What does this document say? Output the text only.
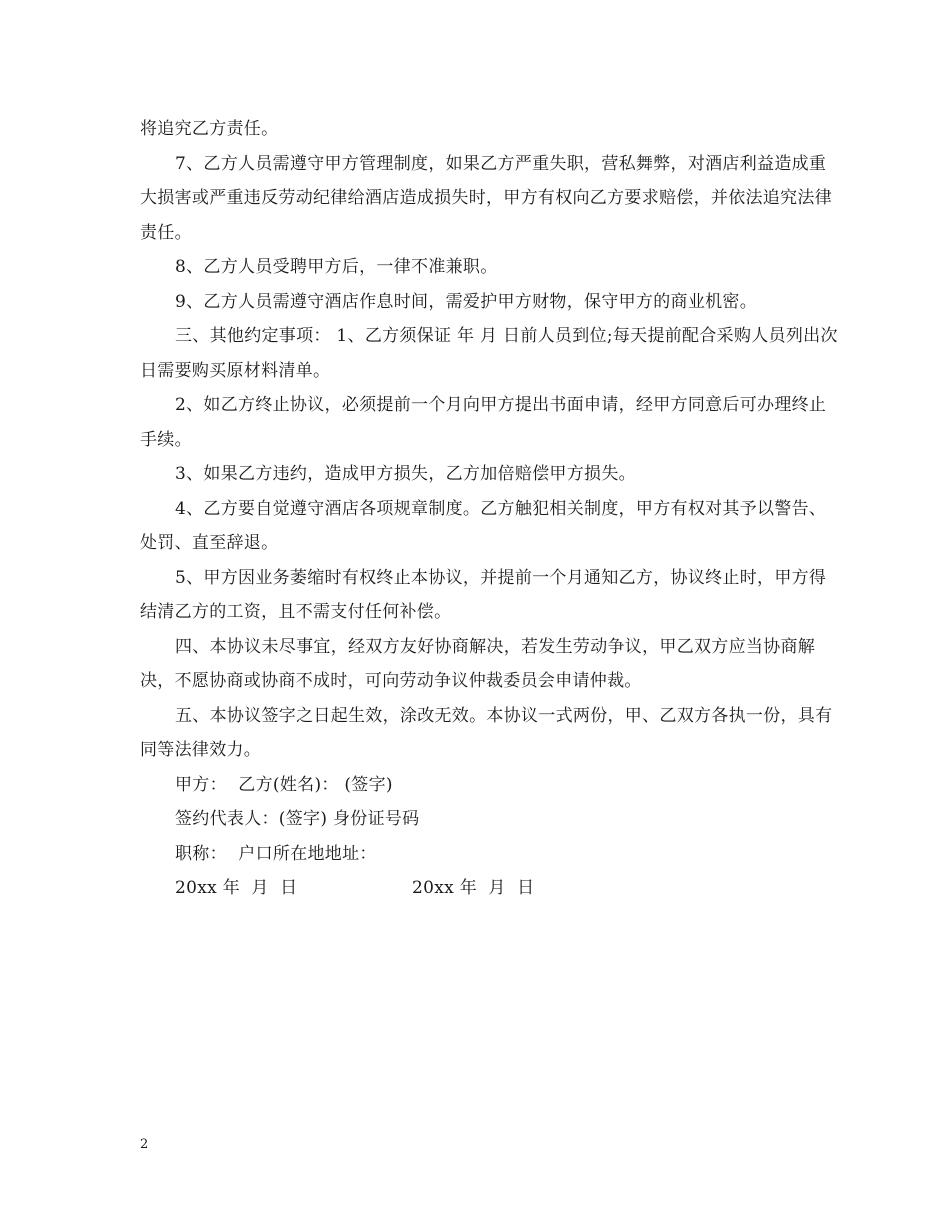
将追究乙方责任。

7、乙方人员需遵守甲方管理制度，如果乙方严重失职，营私舞弊，对酒店利益造成重大损害或严重违反劳动纪律给酒店造成损失时，甲方有权向乙方要求赔偿，并依法追究法律责任。

8、乙方人员受聘甲方后，一律不准兼职。

9、乙方人员需遵守酒店作息时间，需爱护甲方财物，保守甲方的商业机密。

三、其他约定事项： 1、乙方须保证 年 月 日前人员到位;每天提前配合采购人员列出次日需要购买原材料清单。

2、如乙方终止协议，必须提前一个月向甲方提出书面申请，经甲方同意后可办理终止手续。

3、如果乙方违约，造成甲方损失，乙方加倍赔偿甲方损失。

4、乙方要自觉遵守酒店各项规章制度。乙方触犯相关制度，甲方有权对其予以警告、处罚、直至辞退。

5、甲方因业务萎缩时有权终止本协议，并提前一个月通知乙方，协议终止时，甲方得结清乙方的工资，且不需支付任何补偿。

四、本协议未尽事宜，经双方友好协商解决，若发生劳动争议，甲乙双方应当协商解决，不愿协商或协商不成时，可向劳动争议仲裁委员会申请仲裁。

五、本协议签字之日起生效，涂改无效。本协议一式两份，甲、乙双方各执一份，具有同等法律效力。

甲方：  乙方(姓名)： (签字)

签约代表人：(签字) 身份证号码

职称：  户口所在地地址：

20xx 年  月  日	20xx 年  月  日
2
